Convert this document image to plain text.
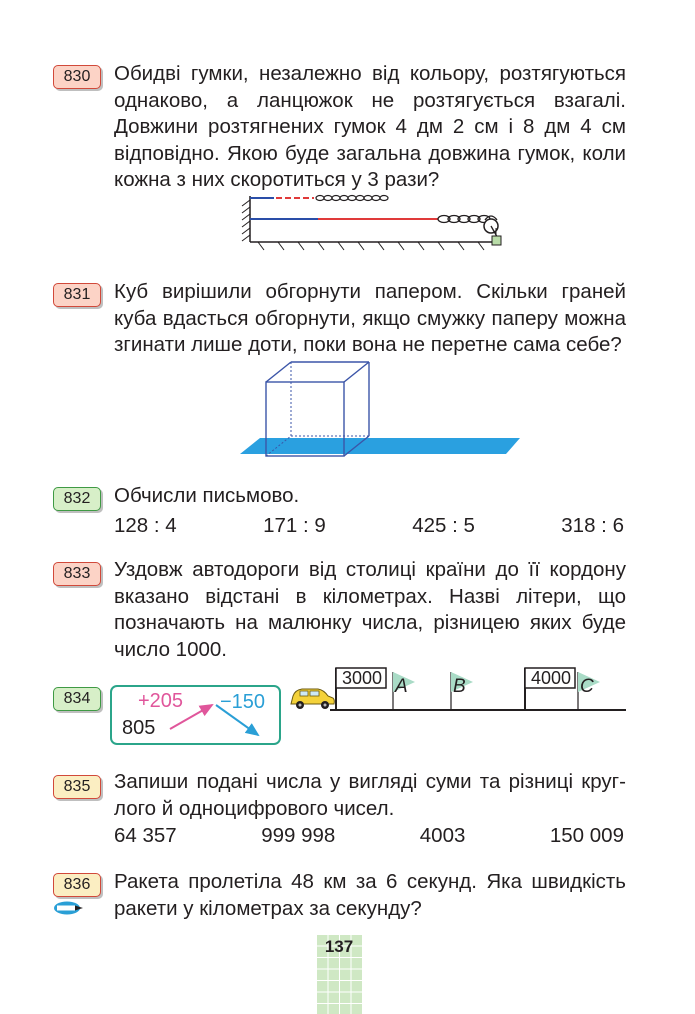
830	Обидві гумки, незалежно від кольору, розтягуються однаково, а ланцюжок не розтягується взагалі. Довжини розтягнених гумок 4 дм 2 см і 8 дм 4 см відповідно. Якою буде загальна довжина гумок, коли кожна з них скоротиться у 3 рази?
831	Куб вирішили обгорнути папером. Скільки граней куба вдасться обгорнути, якщо смужку паперу можна згинати лише доти, поки вона не перетне сама себе?
832	Обчисли письмово.
128 : 4	171 : 9	425 : 5	318 : 6
833	Уздовж автодороги від столиці країни до її кордону вказано відстані в кілометрах. Назві літери, що позначають на малюнку числа, різницею яких буде число 1000.
834
805
+205 −150
3000	4000
A B	C
835	Запиши подані числа у вигляді суми та різниці круглого й одноцифрового чисел.
64 357	999 998	4003	150 009
836	Ракета пролетіла 48 км за 6 секунд. Яка швидкість ракети у кілометрах за секунду?
137
